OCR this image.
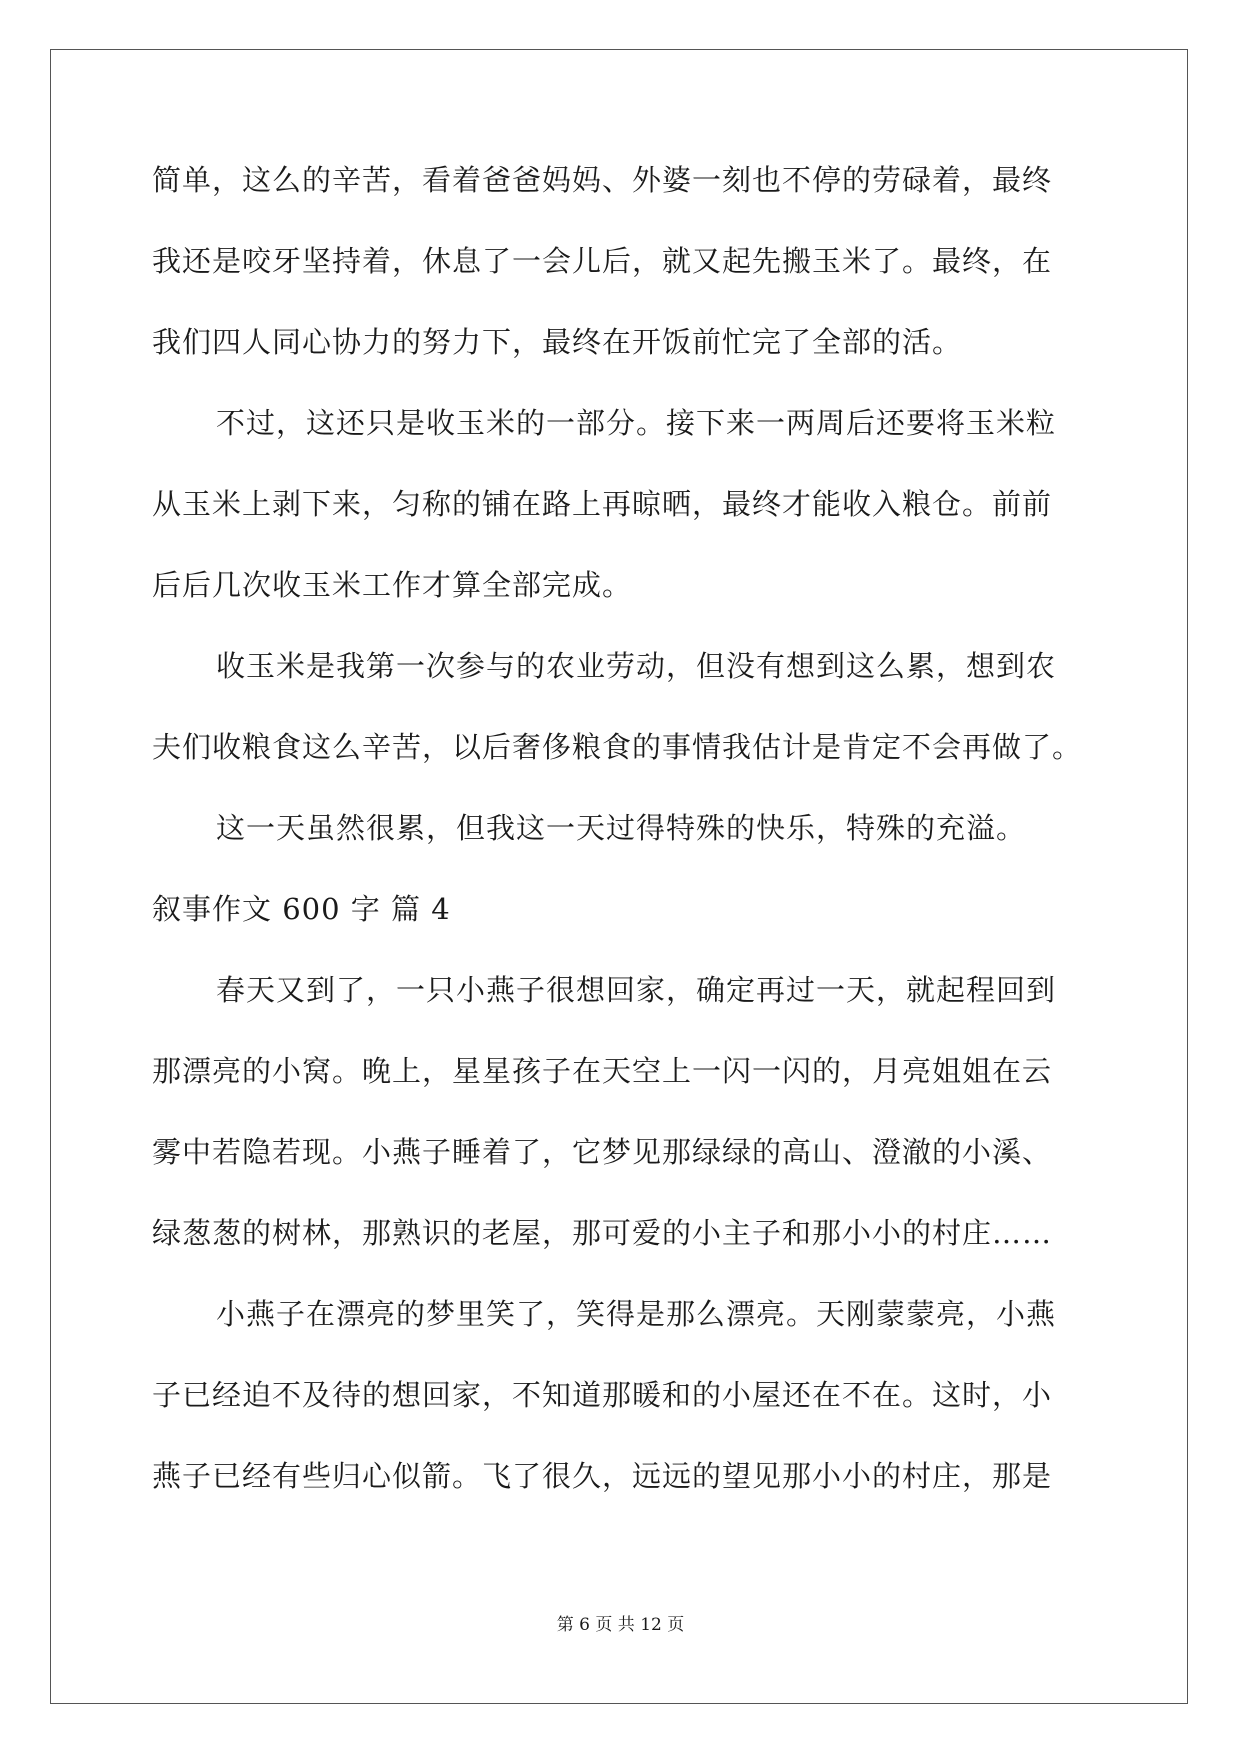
简单，这么的辛苦，看着爸爸妈妈、外婆一刻也不停的劳碌着，最终
我还是咬牙坚持着，休息了一会儿后，就又起先搬玉米了。最终，在
我们四人同心协力的努力下，最终在开饭前忙完了全部的活。
不过，这还只是收玉米的一部分。接下来一两周后还要将玉米粒
从玉米上剥下来，匀称的铺在路上再晾晒，最终才能收入粮仓。前前
后后几次收玉米工作才算全部完成。
收玉米是我第一次参与的农业劳动，但没有想到这么累，想到农
夫们收粮食这么辛苦，以后奢侈粮食的事情我估计是肯定不会再做了。
这一天虽然很累，但我这一天过得特殊的快乐，特殊的充溢。
叙事作文 600 字 篇 4
春天又到了，一只小燕子很想回家，确定再过一天，就起程回到
那漂亮的小窝。晚上，星星孩子在天空上一闪一闪的，月亮姐姐在云
雾中若隐若现。小燕子睡着了，它梦见那绿绿的高山、澄澈的小溪、
绿葱葱的树林，那熟识的老屋，那可爱的小主子和那小小的村庄……
小燕子在漂亮的梦里笑了，笑得是那么漂亮。天刚蒙蒙亮，小燕
子已经迫不及待的想回家，不知道那暖和的小屋还在不在。这时，小
燕子已经有些归心似箭。飞了很久，远远的望见那小小的村庄，那是
第 6 页 共 12 页
